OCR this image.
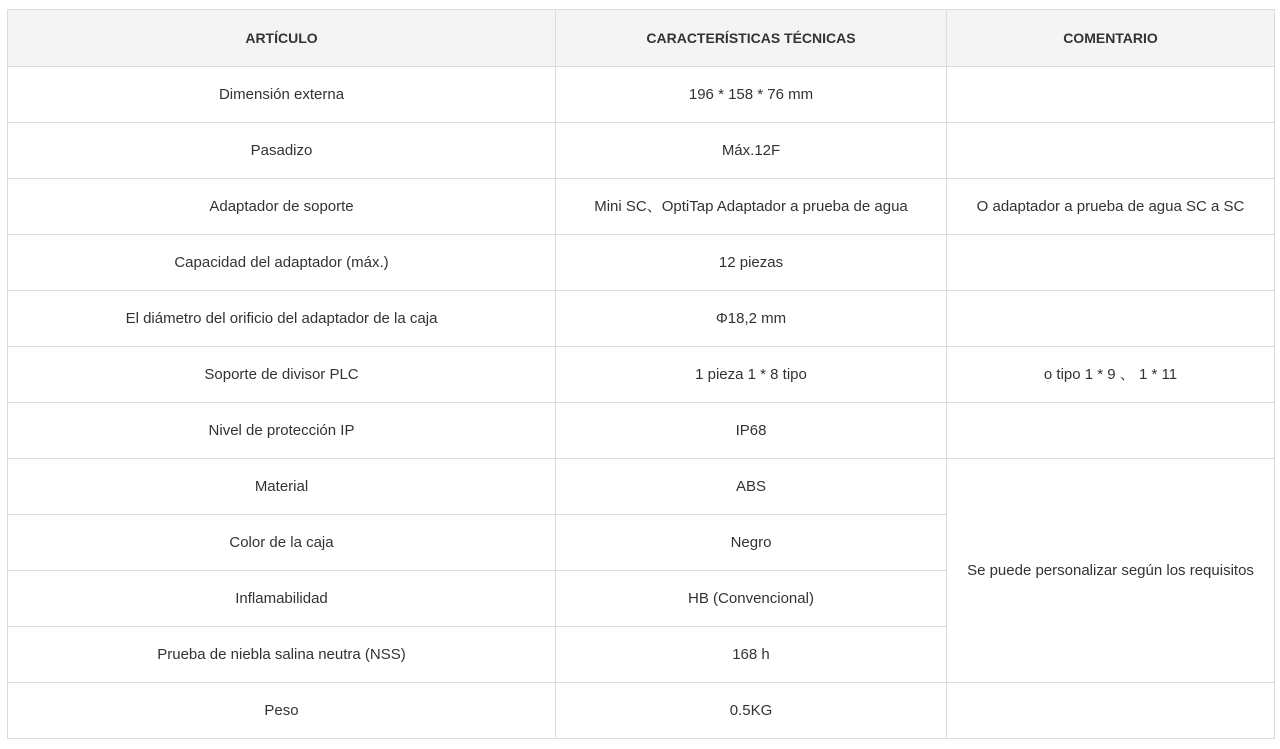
ARTÍCULO	CARACTERÍSTICAS TÉCNICAS	COMENTARIO
Dimensión externa	196 * 158 * 76 mm	
Pasadizo	Máx.12F	
Adaptador de soporte	Mini SC、OptiTap Adaptador a prueba de agua	O adaptador a prueba de agua SC a SC
Capacidad del adaptador (máx.)	12 piezas	
El diámetro del orificio del adaptador de la caja	Φ18,2 mm	
Soporte de divisor PLC	1 pieza 1 * 8 tipo	o tipo 1 * 9 、 1 * 11
Nivel de protección IP	IP68	
Material	ABS	Se puede personalizar según los requisitos
Color de la caja	Negro	
Inflamabilidad	HB (Convencional)	
Prueba de niebla salina neutra (NSS)	168 h	
Peso	0.5KG	
